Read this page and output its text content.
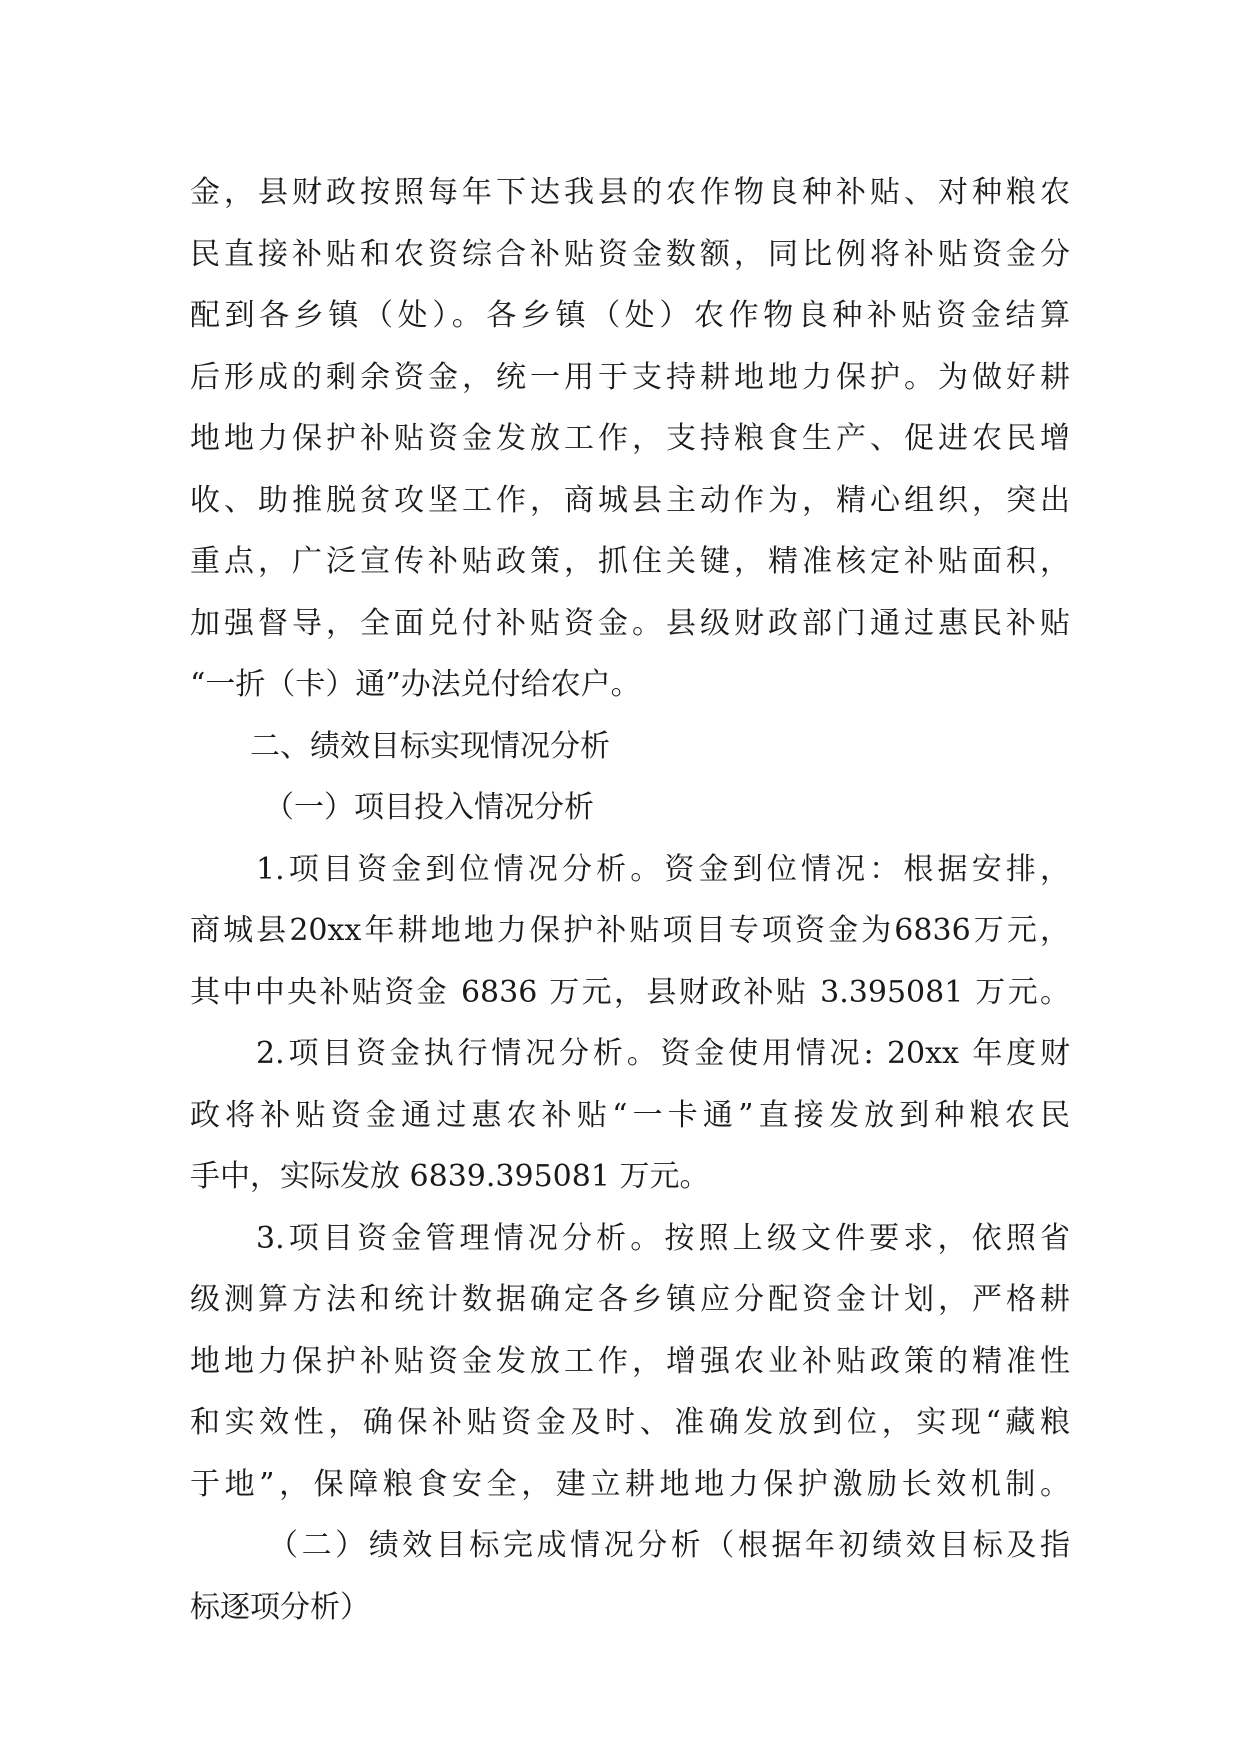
金，县财政按照每年下达我县的农作物良种补贴、对种粮农
民直接补贴和农资综合补贴资金数额，同比例将补贴资金分
配到各乡镇（处）。各乡镇（处）农作物良种补贴资金结算
后形成的剩余资金，统一用于支持耕地地力保护。为做好耕
地地力保护补贴资金发放工作，支持粮食生产、促进农民增
收、助推脱贫攻坚工作，商城县主动作为，精心组织，突出
重点，广泛宣传补贴政策，抓住关键，精准核定补贴面积，
加强督导，全面兑付补贴资金。县级财政部门通过惠民补贴
“一折（卡）通”办法兑付给农户。
二、绩效目标实现情况分析
（一）项目投入情况分析
1.项目资金到位情况分析。资金到位情况：根据安排，
商城县20xx年耕地地力保护补贴项目专项资金为6836万元，
其中中央补贴资金 6836 万元，县财政补贴 3.395081 万元。
2.项目资金执行情况分析。资金使用情况: 20xx 年度财
政将补贴资金通过惠农补贴“一卡通”直接发放到种粮农民
手中，实际发放 6839.395081 万元。
3.项目资金管理情况分析。按照上级文件要求，依照省
级测算方法和统计数据确定各乡镇应分配资金计划，严格耕
地地力保护补贴资金发放工作，增强农业补贴政策的精准性
和实效性，确保补贴资金及时、准确发放到位，实现“藏粮
于地”，保障粮食安全，建立耕地地力保护激励长效机制。
（二）绩效目标完成情况分析（根据年初绩效目标及指
标逐项分析）
